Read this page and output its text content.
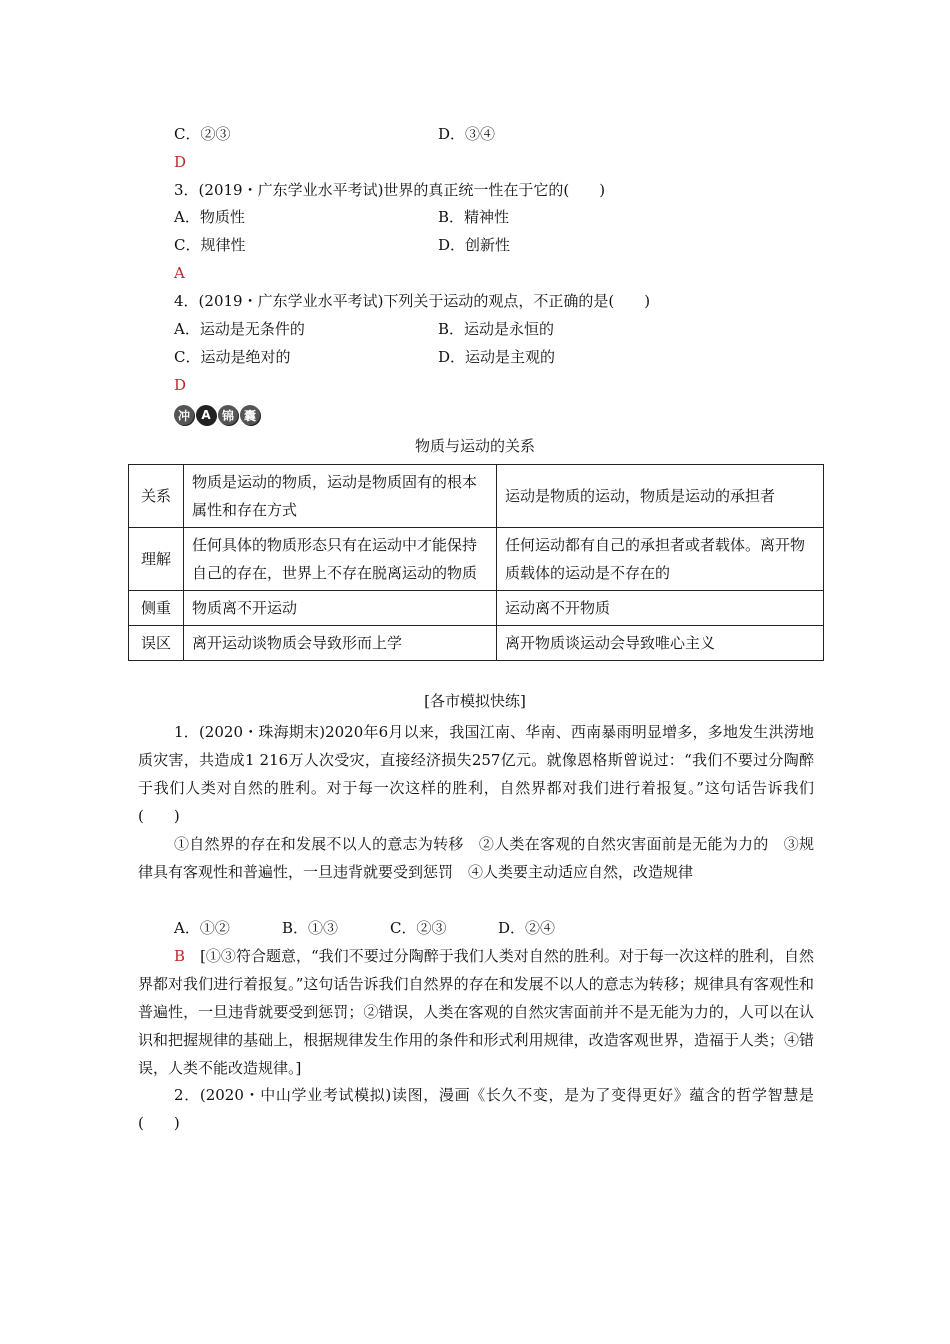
C．②③	D．③④
D
3．(2019・广东学业水平考试)世界的真正统一性在于它的(　　)
A．物质性	B．精神性
C．规律性	D．创新性
A
4．(2019・广东学业水平考试)下列关于运动的观点，不正确的是(　　)
A．运动是无条件的	B．运动是永恒的
C．运动是绝对的	D．运动是主观的
D
冲 A 锦 囊
物质与运动的关系
关系	物质是运动的物质，运动是物质固有的根本属性和存在方式	运动是物质的运动，物质是运动的承担者
理解	任何具体的物质形态只有在运动中才能保持自己的存在，世界上不存在脱离运动的物质	任何运动都有自己的承担者或者载体。离开物质载体的运动是不存在的
侧重	物质离不开运动	运动离不开物质
误区	离开运动谈物质会导致形而上学	离开物质谈运动会导致唯心主义
[各市模拟快练]
1．(2020・珠海期末)2020年6月以来，我国江南、华南、西南暴雨明显增多，多地发生洪涝地质灾害，共造成1 216万人次受灾，直接经济损失257亿元。就像恩格斯曾说过：“我们不要过分陶醉于我们人类对自然的胜利。对于每一次这样的胜利，自然界都对我们进行着报复。”这句话告诉我们(　　)
①自然界的存在和发展不以人的意志为转移　②人类在客观的自然灾害面前是无能为力的　③规律具有客观性和普遍性，一旦违背就要受到惩罚　④人类要主动适应自然，改造规律
A．①②	B．①③	C．②③	D．②④
B　 [①③符合题意，“我们不要过分陶醉于我们人类对自然的胜利。对于每一次这样的胜利，自然界都对我们进行着报复。”这句话告诉我们自然界的存在和发展不以人的意志为转移；规律具有客观性和普遍性，一旦违背就要受到惩罚；②错误，人类在客观的自然灾害面前并不是无能为力的，人可以在认识和把握规律的基础上，根据规律发生作用的条件和形式利用规律，改造客观世界，造福于人类；④错误，人类不能改造规律。]
2．(2020・中山学业考试模拟)读图，漫画《长久不变，是为了变得更好》蕴含的哲学智慧是(　　)
